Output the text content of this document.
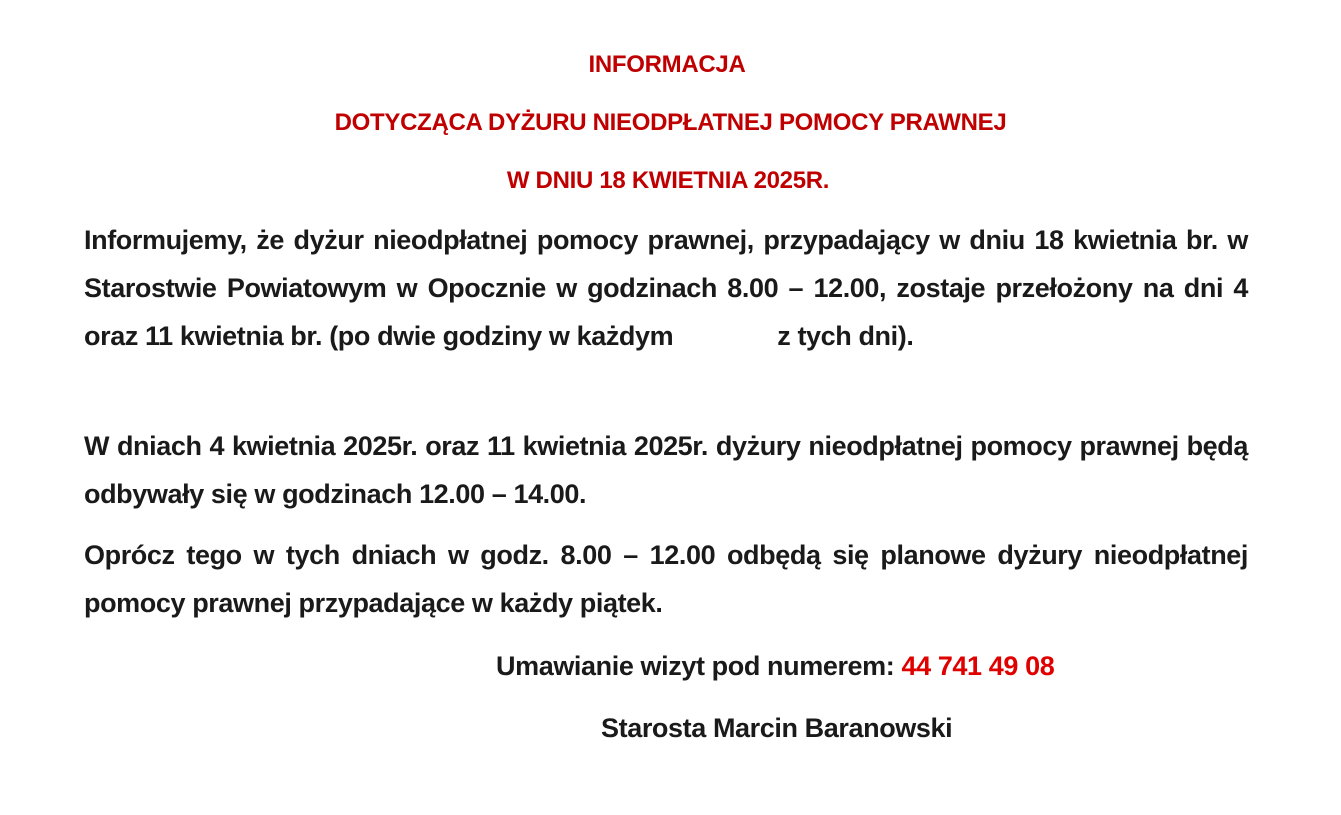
INFORMACJA
DOTYCZĄCA DYŻURU NIEODPŁATNEJ POMOCY PRAWNEJ
W DNIU 18 KWIETNIA 2025R.

Informujemy, że dyżur nieodpłatnej pomocy prawnej, przypadający w dniu 18 kwietnia br. w Starostwie Powiatowym w Opocznie w godzinach 8.00 – 12.00, zostaje przełożony na dni 4 oraz 11 kwietnia br. (po dwie godziny w każdym	z tych dni).

W dniach 4 kwietnia 2025r. oraz 11 kwietnia 2025r. dyżury nieodpłatnej pomocy prawnej będą odbywały się w godzinach 12.00 – 14.00.

Oprócz tego w tych dniach w godz. 8.00 – 12.00 odbędą się planowe dyżury nieodpłatnej pomocy prawnej przypadające w każdy piątek.

Umawianie wizyt pod numerem: 44 741 49 08

Starosta Marcin Baranowski
